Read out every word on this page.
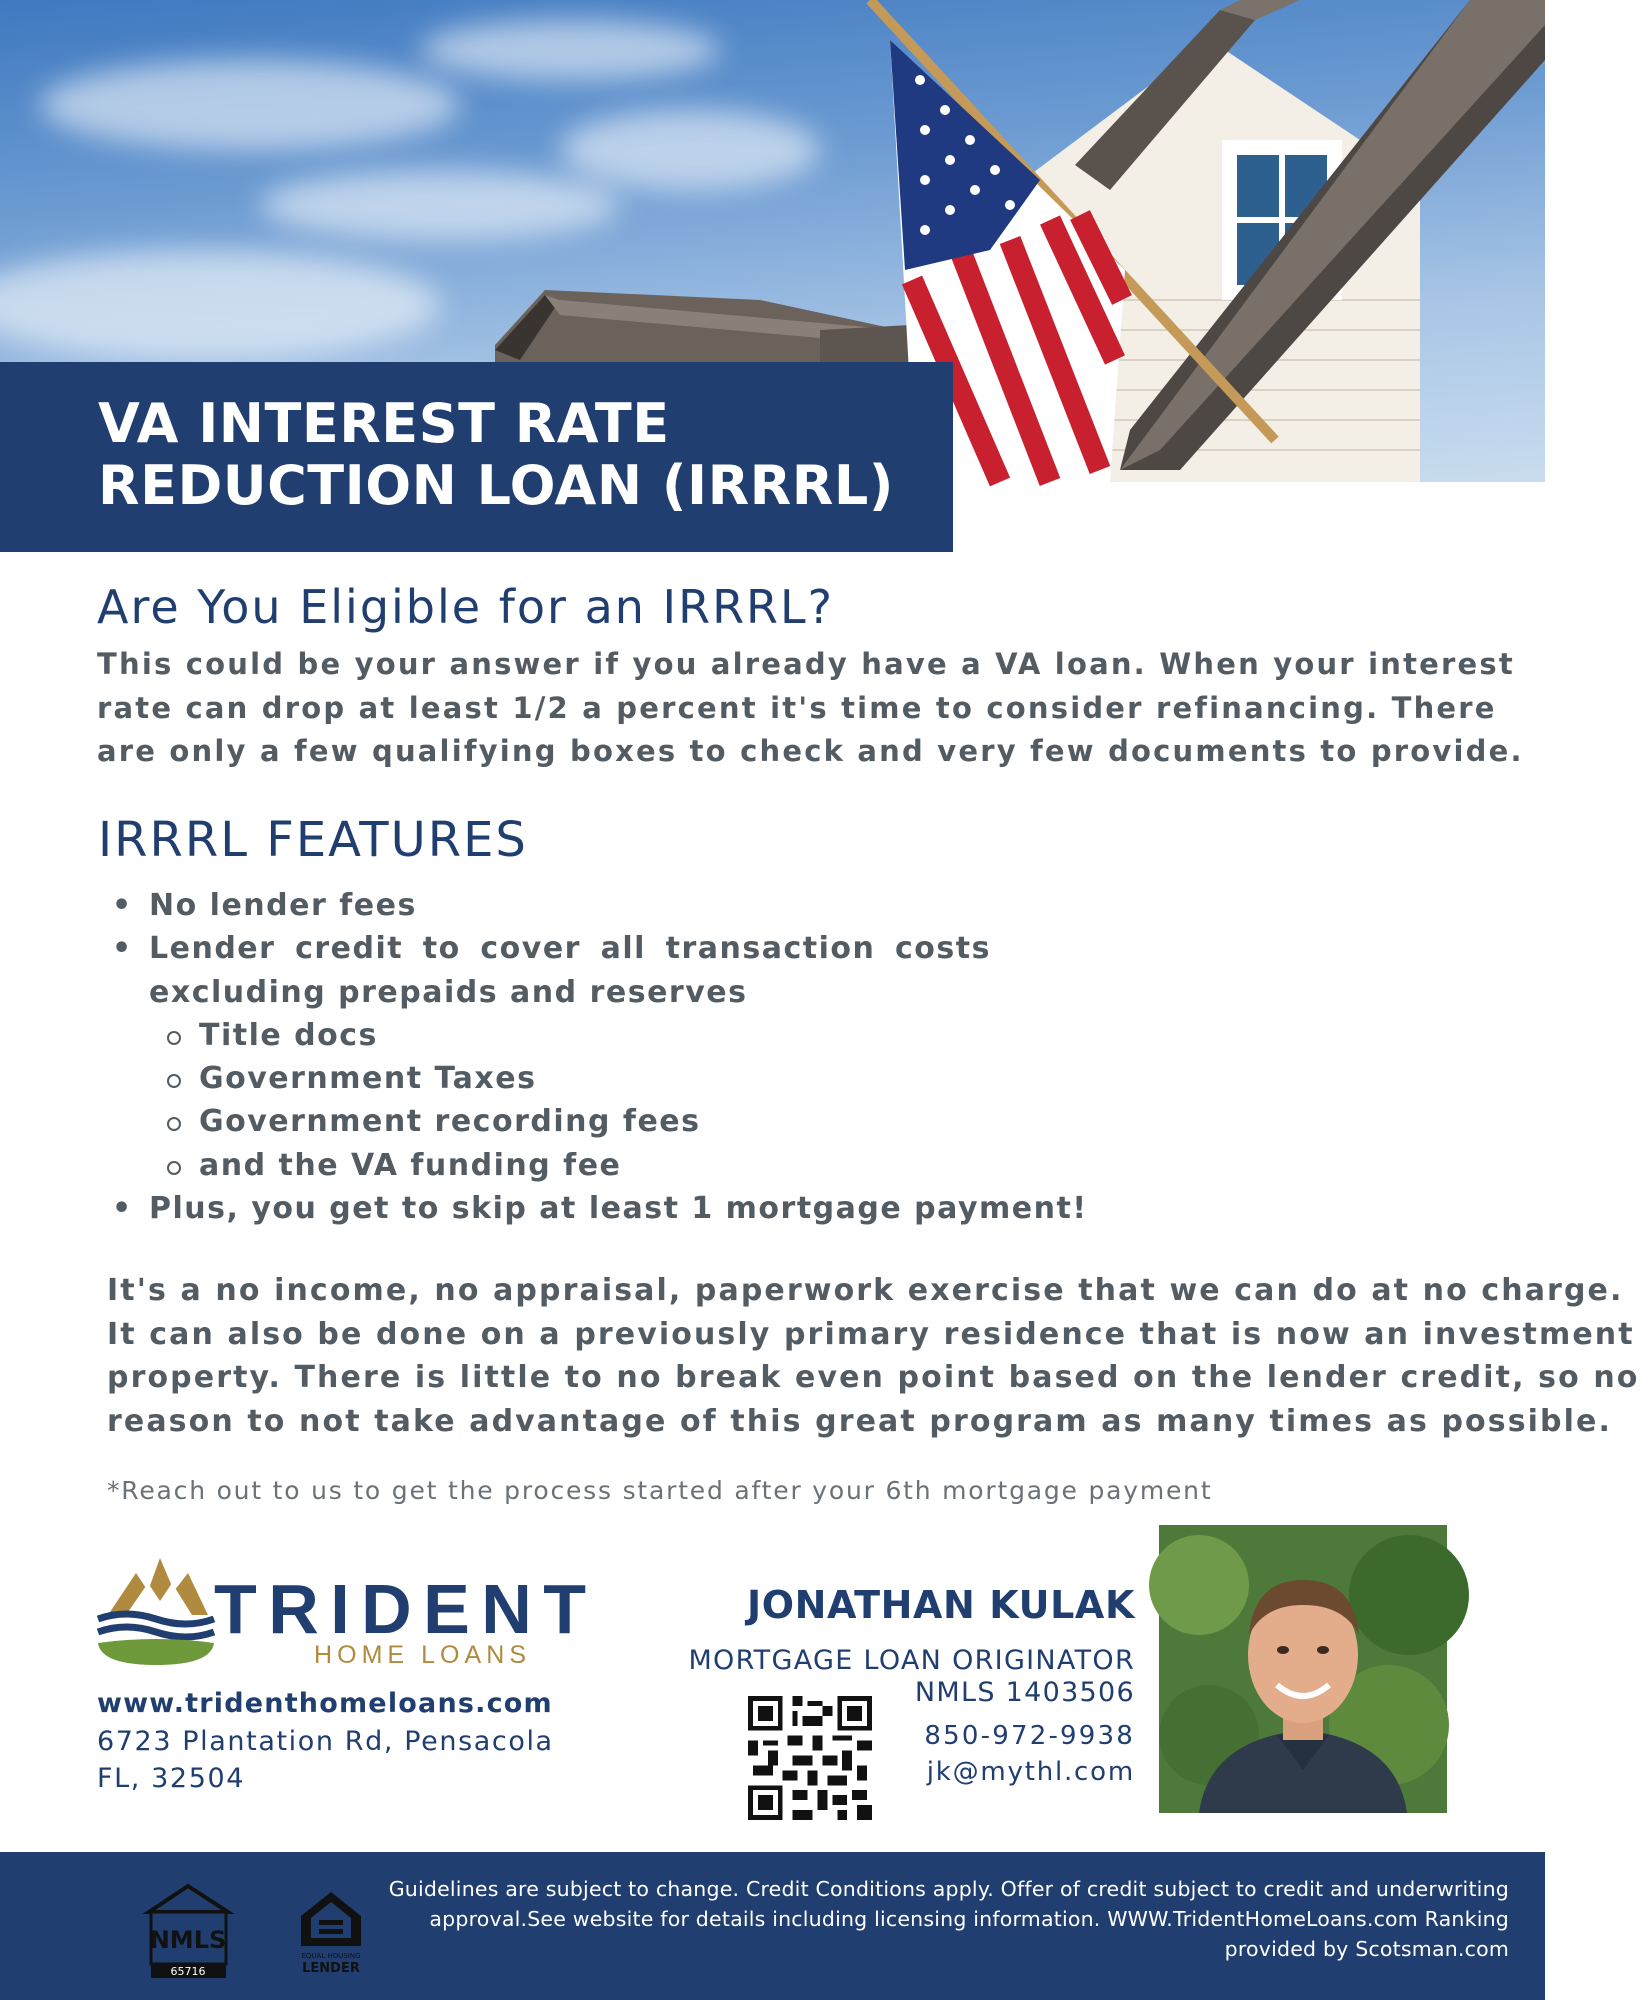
VA INTEREST RATE
REDUCTION LOAN (IRRRL)
Are You Eligible for an IRRRL?
This could be your answer if you already have a VA loan. When your interest
rate can drop at least 1/2 a percent it's time to consider refinancing. There
are only a few qualifying boxes to check and very few documents to provide.
IRRRL FEATURES
• No lender fees
• Lender credit to cover all transaction costs
excluding prepaids and reserves
Title docs
Government Taxes
Government recording fees
and the VA funding fee
• Plus, you get to skip at least 1 mortgage payment!
It's a no income, no appraisal, paperwork exercise that we can do at no charge.
It can also be done on a previously primary residence that is now an investment
property. There is little to no break even point based on the lender credit, so no
reason to not take advantage of this great program as many times as possible.
*Reach out to us to get the process started after your 6th mortgage payment
TRIDENT
HOME LOANS
www.tridenthomeloans.com
6723 Plantation Rd, Pensacola
FL, 32504
JONATHAN KULAK
MORTGAGE LOAN ORIGINATOR
NMLS 1403506
850-972-9938
jk@mythl.com
NMLS
65716
EQUAL HOUSING
LENDER
Guidelines are subject to change. Credit Conditions apply. Offer of credit subject to credit and underwriting
approval.See website for details including licensing information. WWW.TridentHomeLoans.com Ranking
provided by Scotsman.com
